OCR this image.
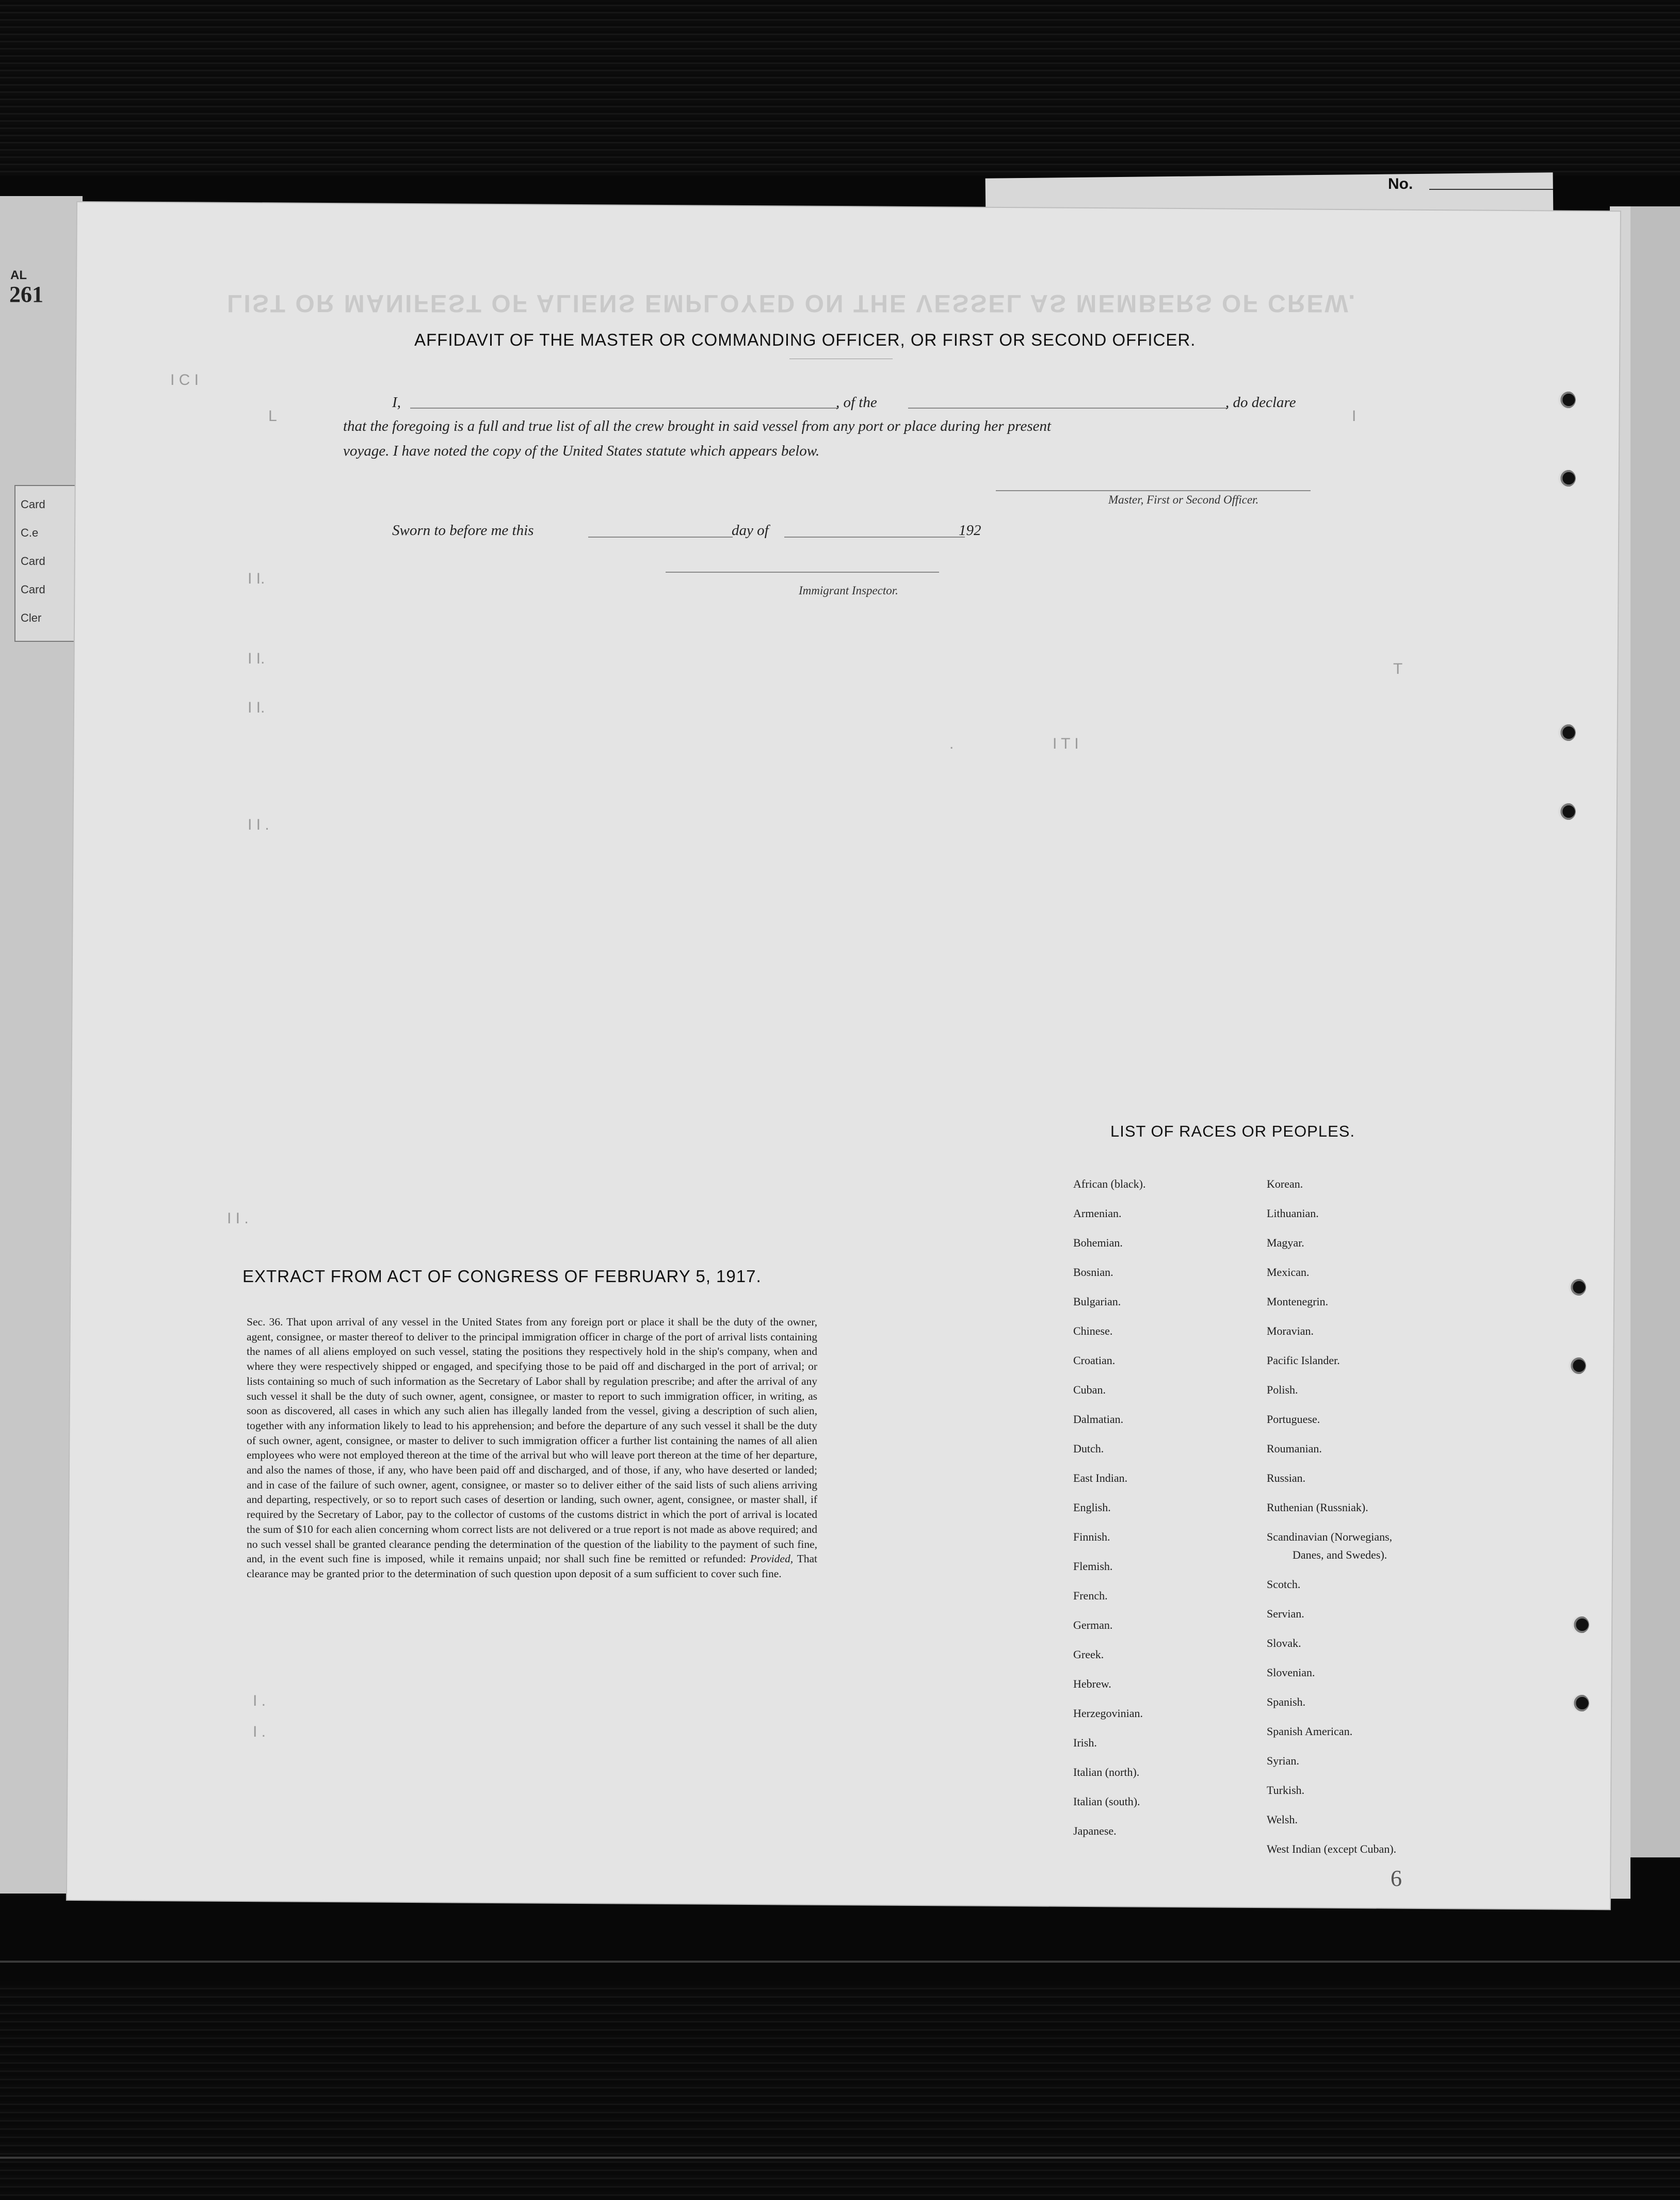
No.
AL
261
Card
C.e
Card
Card
Cler
LIST OR MANIFEST OF ALIENS EMPLOYED ON THE VESSEL AS MEMBERS OF CREW.
I C I
L	I
I I.
I I.
I I.
I I .
.	I T I
T
I I .
I .
I .
AFFIDAVIT OF THE MASTER OR COMMANDING OFFICER, OR FIRST OR SECOND OFFICER.
I,	, of the	, do declare
that the foregoing is a full and true list of all the crew brought in said vessel from any port or place during her present
voyage. I have noted the copy of the United States statute which appears below.
Master, First or Second Officer.
Sworn to before me this	day of	192
Immigrant Inspector.
EXTRACT FROM ACT OF CONGRESS OF FEBRUARY 5, 1917.
Sec. 36. That upon arrival of any vessel in the United States from any foreign port or place it shall be the duty of the owner, agent, consignee, or master thereof to deliver to the principal immigration officer in charge of the port of arrival lists containing the names of all aliens employed on such vessel, stating the positions they respectively hold in the ship's company, when and where they were respectively shipped or engaged, and specifying those to be paid off and discharged in the port of arrival; or lists containing so much of such information as the Secretary of Labor shall by regulation prescribe; and after the arrival of any such vessel it shall be the duty of such owner, agent, consignee, or master to report to such immigration officer, in writing, as soon as discovered, all cases in which any such alien has illegally landed from the vessel, giving a description of such alien, together with any information likely to lead to his apprehension; and before the departure of any such vessel it shall be the duty of such owner, agent, consignee, or master to deliver to such immigration officer a further list containing the names of all alien employees who were not employed thereon at the time of the arrival but who will leave port thereon at the time of her departure, and also the names of those, if any, who have been paid off and discharged, and of those, if any, who have deserted or landed; and in case of the failure of such owner, agent, consignee, or master so to deliver either of the said lists of such aliens arriving and departing, respectively, or so to report such cases of desertion or landing, such owner, agent, consignee, or master shall, if required by the Secretary of Labor, pay to the collector of customs of the customs district in which the port of arrival is located the sum of $10 for each alien concerning whom correct lists are not delivered or a true report is not made as above required; and no such vessel shall be granted clearance pending the determination of the question of the liability to the payment of such fine, and, in the event such fine is imposed, while it remains unpaid; nor shall such fine be remitted or refunded: Provided, That clearance may be granted prior to the determination of such question upon deposit of a sum sufficient to cover such fine.
LIST OF RACES OR PEOPLES.
African (black).
Armenian.
Bohemian.
Bosnian.
Bulgarian.
Chinese.
Croatian.
Cuban.
Dalmatian.
Dutch.
East Indian.
English.
Finnish.
Flemish.
French.
German.
Greek.
Hebrew.
Herzegovinian.
Irish.
Italian (north).
Italian (south).
Japanese.
Korean.
Lithuanian.
Magyar.
Mexican.
Montenegrin.
Moravian.
Pacific Islander.
Polish.
Portuguese.
Roumanian.
Russian.
Ruthenian (Russniak).
Scandinavian (Norwegians,
Danes, and Swedes).
Scotch.
Servian.
Slovak.
Slovenian.
Spanish.
Spanish American.
Syrian.
Turkish.
Welsh.
West Indian (except Cuban).
6
